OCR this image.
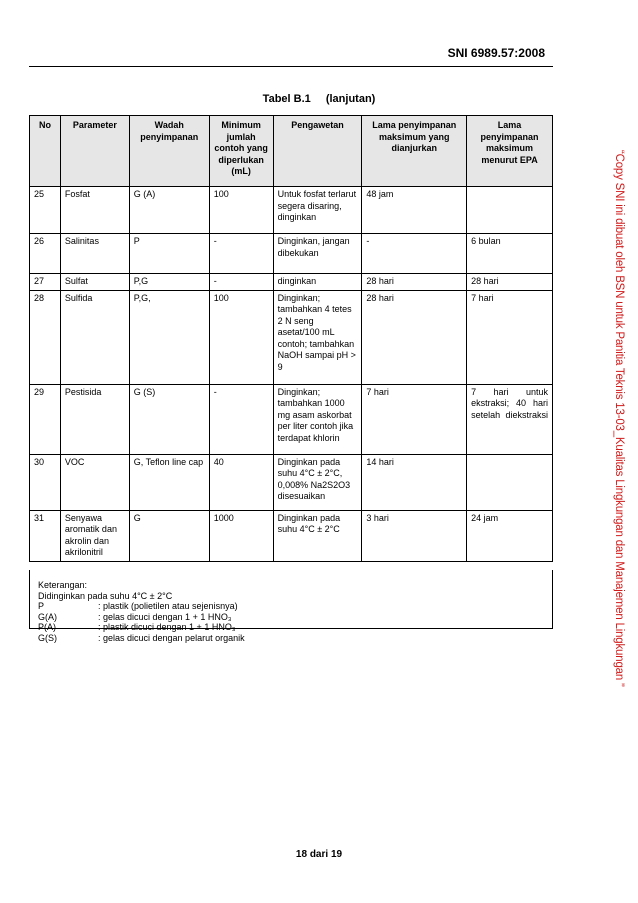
SNI 6989.57:2008
Tabel B.1 (lanjutan)
No	Parameter	Wadah penyimpanan	Minimum jumlah contoh yang diperlukan (mL)	Pengawetan	Lama penyimpanan maksimum yang dianjurkan	Lama penyimpanan maksimum menurut EPA
25	Fosfat	G (A)	100	Untuk fosfat terlarut segera disaring, dinginkan	48 jam	
26	Salinitas	P	-	Dinginkan, jangan dibekukan	-	6 bulan
27	Sulfat	P,G	-	dinginkan	28 hari	28 hari
28	Sulfida	P,G,	100	Dinginkan; tambahkan 4 tetes 2 N seng asetat/100 mL contoh; tambahkan NaOH sampai pH > 9	28 hari	7 hari
29	Pestisida	G (S)	-	Dinginkan; tambahkan 1000 mg asam askorbat per liter contoh jika terdapat khlorin	7 hari	7 hari untuk ekstraksi; 40 hari setelah diekstraksi
30	VOC	G, Teflon line cap	40	Dinginkan pada suhu 4°C ± 2°C, 0,008% Na2S2O3 disesuaikan	14 hari	
31	Senyawa aromatik dan akrolin dan akrilonitril	G	1000	Dinginkan pada suhu 4°C ± 2°C	3 hari	24 jam
Keterangan:
Didinginkan pada suhu 4°C ± 2°C
P	: plastik (polietilen atau sejenisnya)
G(A)	: gelas dicuci dengan 1 + 1 HNO₃
P(A)	: plastik dicuci dengan 1 + 1 HNO₃
G(S)	: gelas dicuci dengan pelarut organik
18 dari 19
“Copy SNI ini dibuat oleh BSN untuk Panitia Teknis 13-03_Kualitas Lingkungan dan Manajemen Lingkungan ”
